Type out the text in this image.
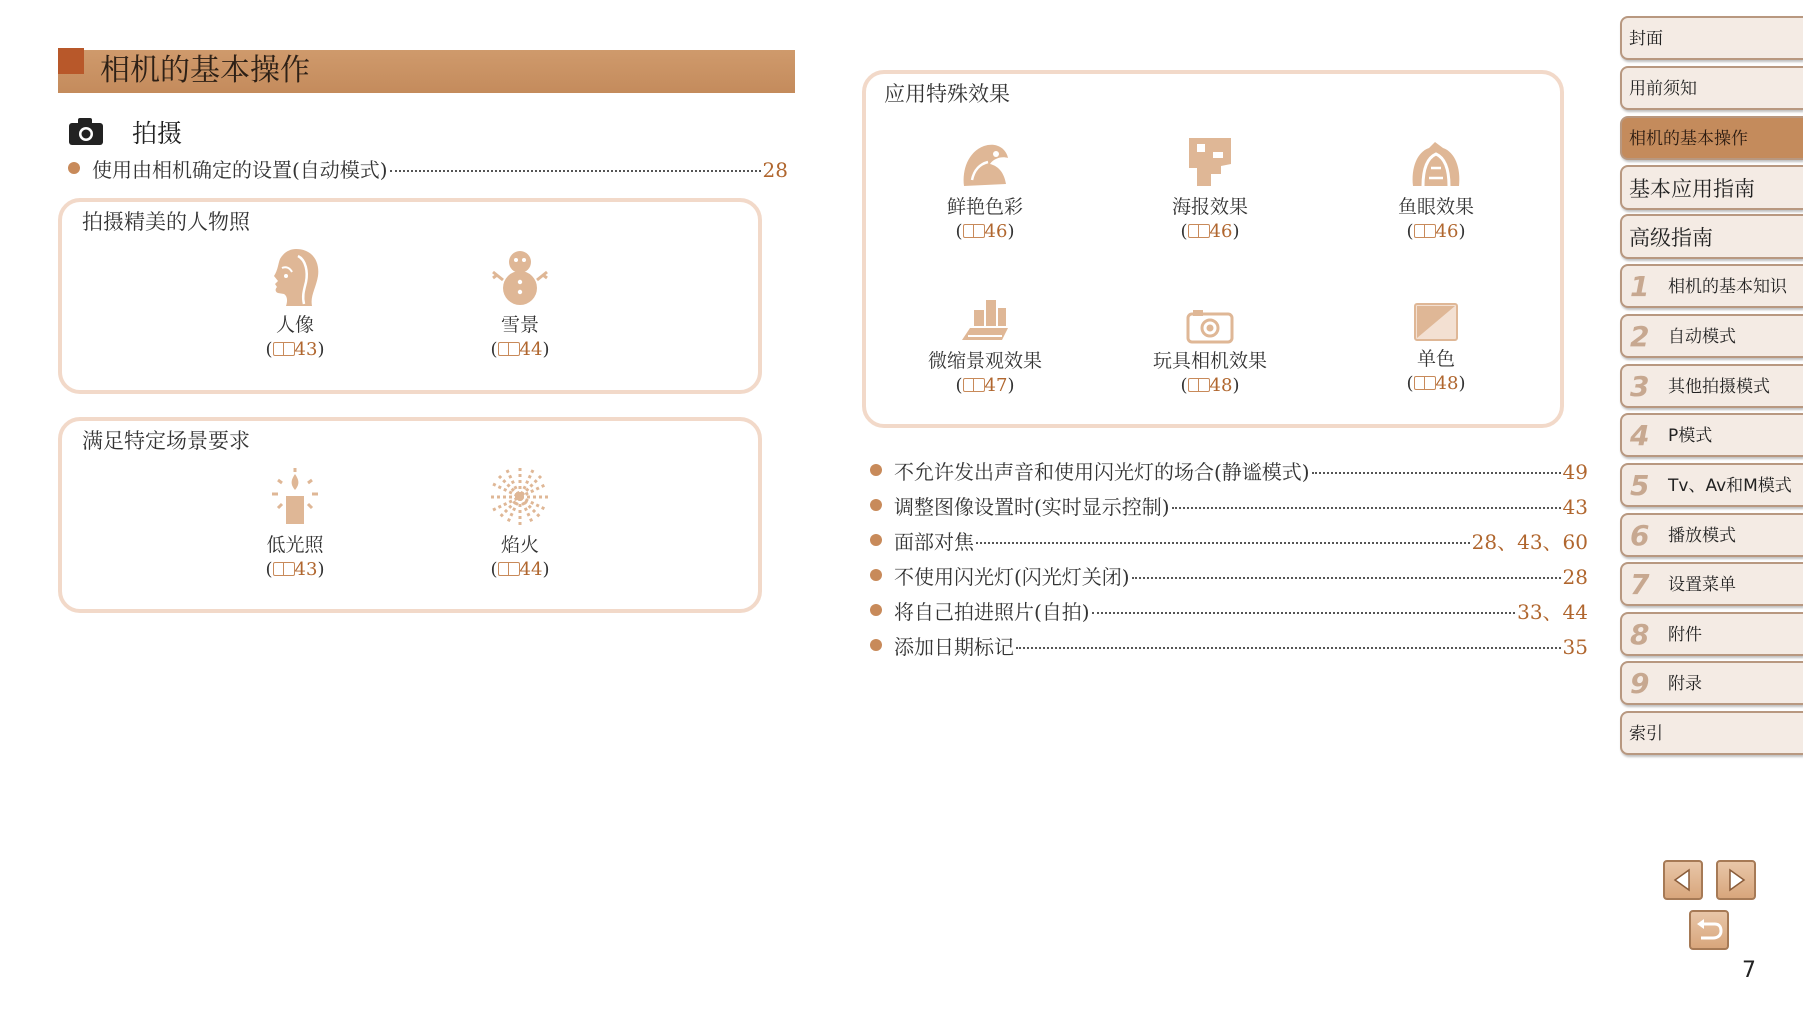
相机的基本操作
拍摄
使用由相机确定的设置(自动模式)	28
拍摄精美的人物照
人像
( 43)
雪景
( 44)
满足特定场景要求
低光照
( 43)
焰火
( 44)
应用特殊效果
鲜艳色彩
( 46)
海报效果
( 46)
鱼眼效果
( 46)
微缩景观效果
( 47)
玩具相机效果
( 48)
单色
( 48)
不允许发出声音和使用闪光灯的场合(静谧模式)	49
调整图像设置时(实时显示控制)	43
面部对焦	28、43、60
不使用闪光灯(闪光灯关闭)	28
将自己拍进照片(自拍)	33、44
添加日期标记	35
封面
用前须知
相机的基本操作
基本应用指南
高级指南
1 相机的基本知识
2 自动模式
3 其他拍摄模式
4 P模式
5 Tv、Av和M模式
6 播放模式
7 设置菜单
8 附件
9 附录
索引
7
